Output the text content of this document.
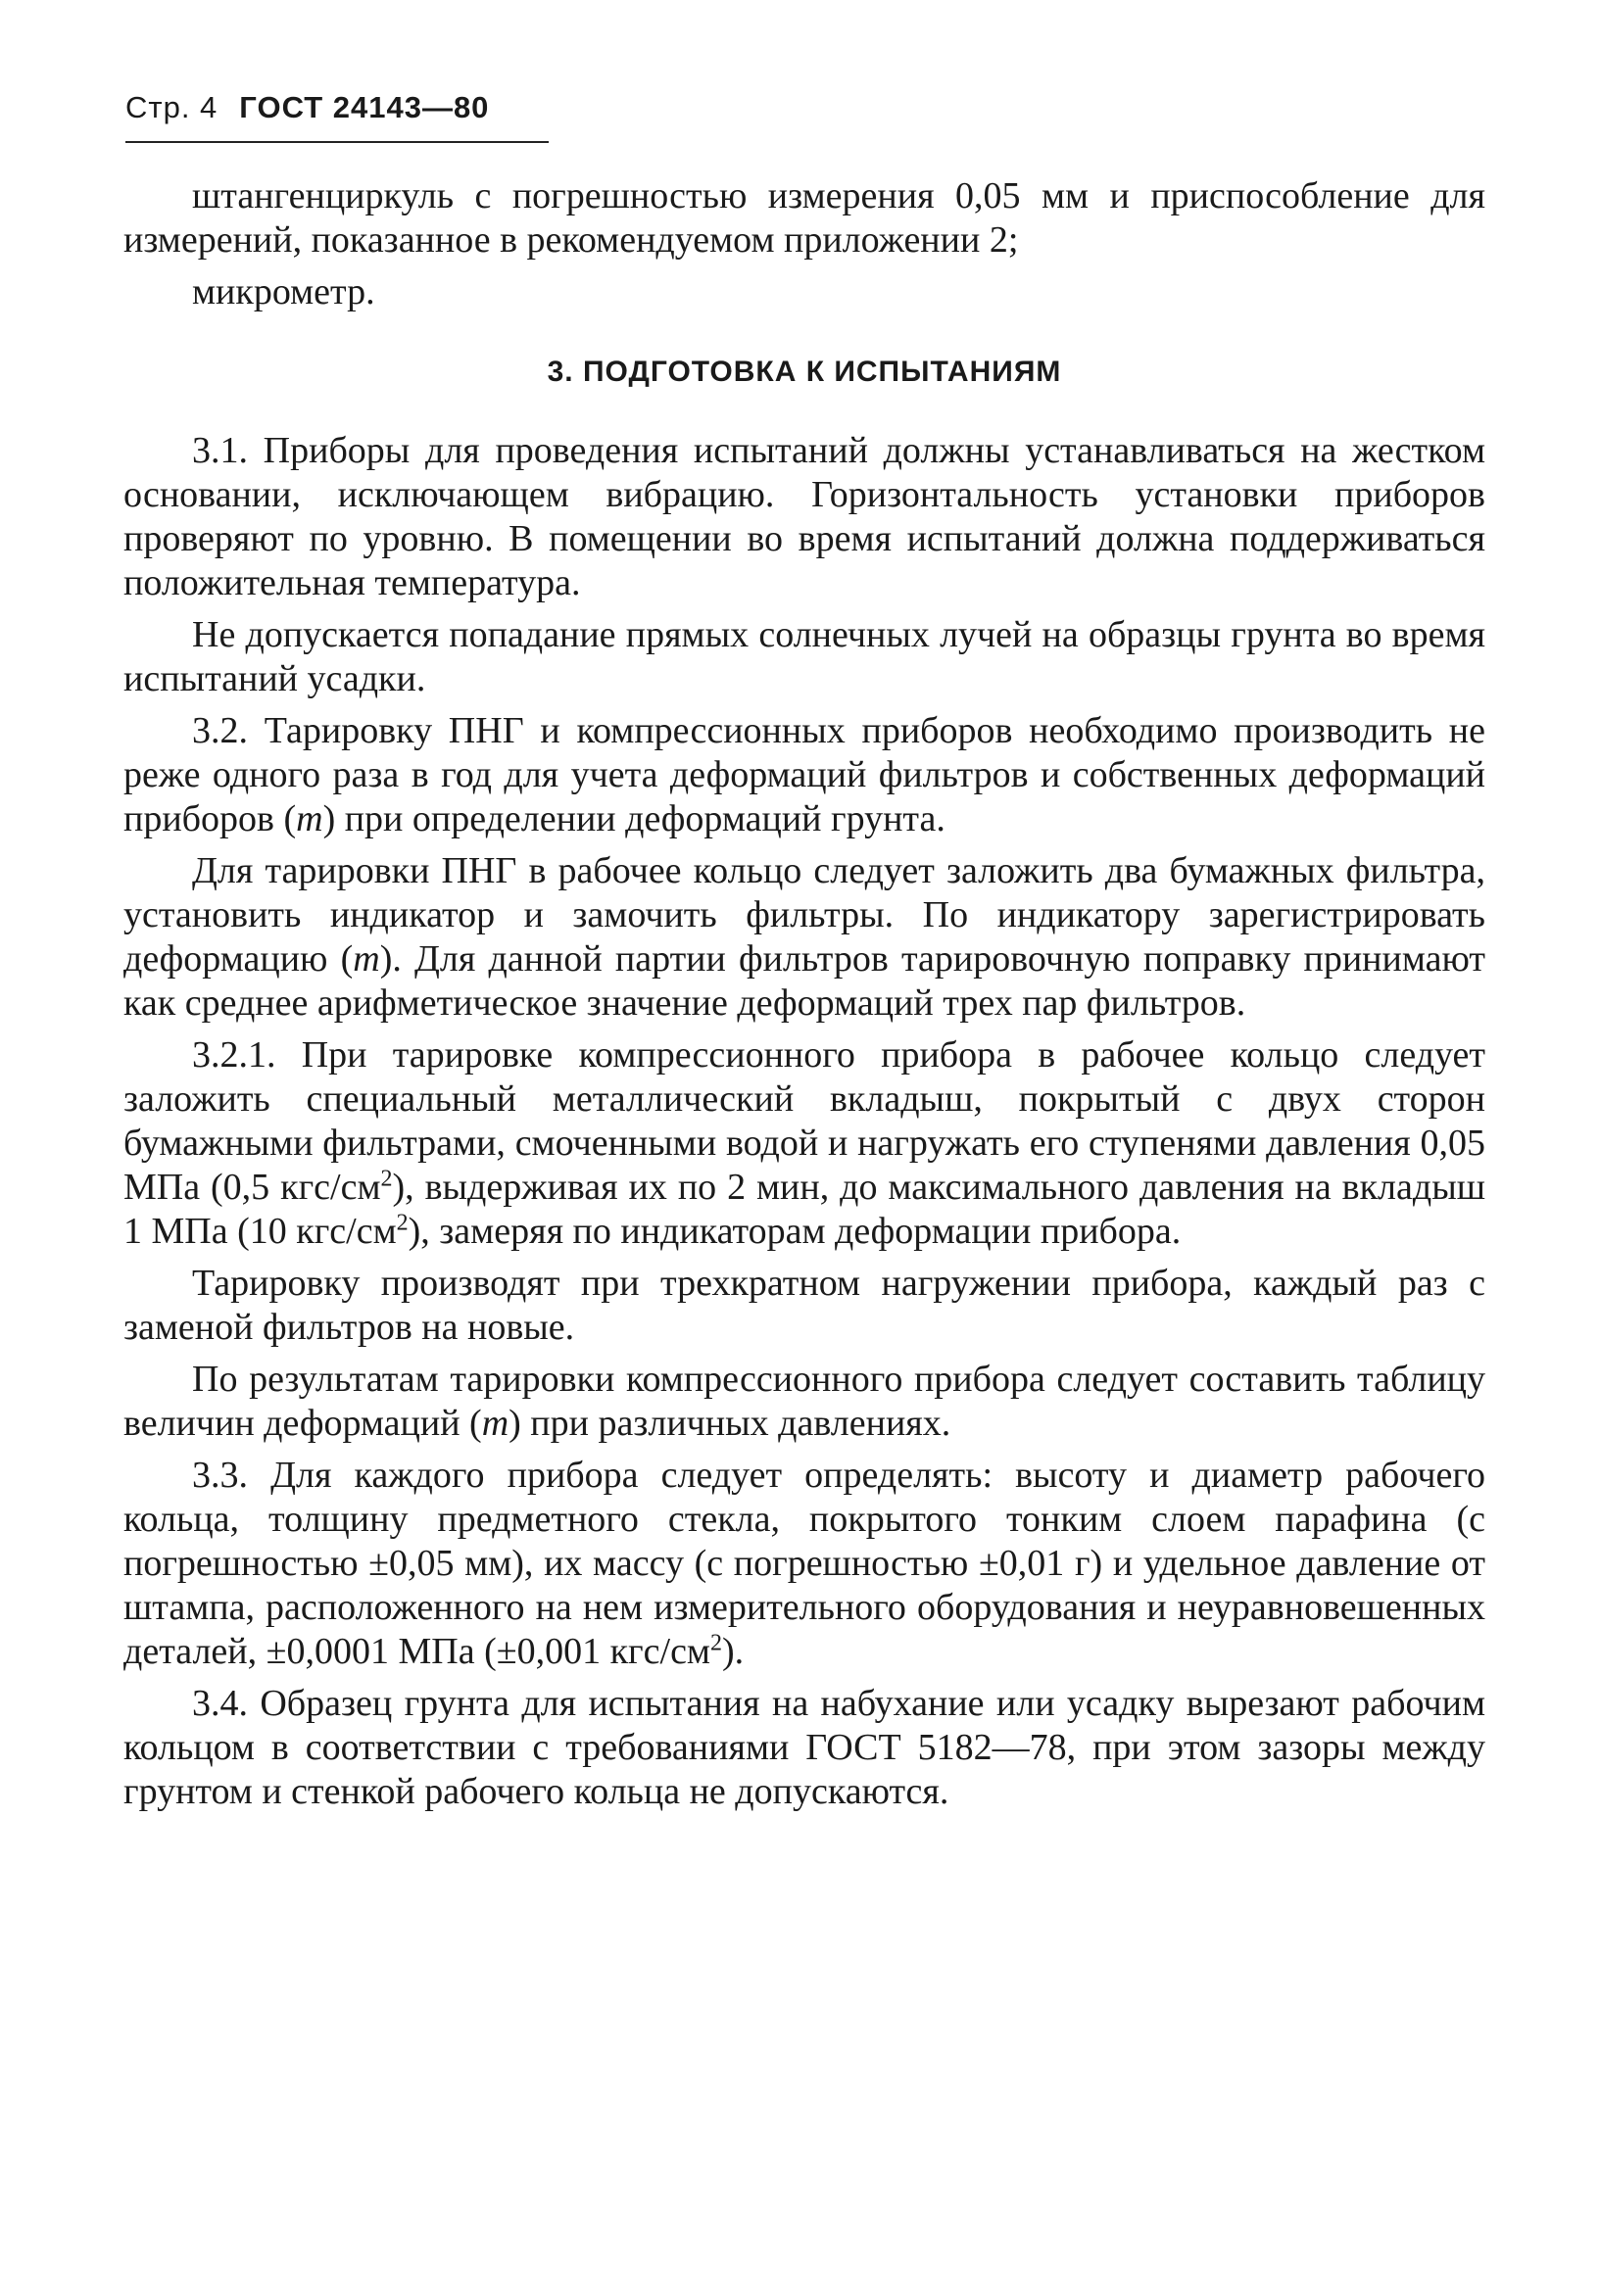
Стр. 4 ГОСТ 24143—80

штангенциркуль с погрешностью измерения 0,05 мм и приспособление для измерений, показанное в рекомендуемом приложении 2;

микрометр.

3. ПОДГОТОВКА К ИСПЫТАНИЯМ

3.1. Приборы для проведения испытаний должны устанавливаться на жестком основании, исключающем вибрацию. Горизонтальность установки приборов проверяют по уровню. В помещении во время испытаний должна поддерживаться положительная температура.

Не допускается попадание прямых солнечных лучей на образцы грунта во время испытаний усадки.

3.2. Тарировку ПНГ и компрессионных приборов необходимо производить не реже одного раза в год для учета деформаций фильтров и собственных деформаций приборов (m) при определении деформаций грунта.

Для тарировки ПНГ в рабочее кольцо следует заложить два бумажных фильтра, установить индикатор и замочить фильтры. По индикатору зарегистрировать деформацию (m). Для данной партии фильтров тарировочную поправку принимают как среднее арифметическое значение деформаций трех пар фильтров.

3.2.1. При тарировке компрессионного прибора в рабочее кольцо следует заложить специальный металлический вкладыш, покрытый с двух сторон бумажными фильтрами, смоченными водой и нагружать его ступенями давления 0,05 МПа (0,5 кгс/$см^2$), выдерживая их по 2 мин, до максимального давления на вкладыш 1 МПа (10 кгс/$см^2$), замеряя по индикаторам деформации прибора.

Тарировку производят при трехкратном нагружении прибора, каждый раз с заменой фильтров на новые.

По результатам тарировки компрессионного прибора следует составить таблицу величин деформаций (m) при различных давлениях.

3.3. Для каждого прибора следует определять: высоту и диаметр рабочего кольца, толщину предметного стекла, покрытого тонким слоем парафина (с погрешностью ±0,05 мм), их массу (с погрешностью ±0,01 г) и удельное давление от штампа, расположенного на нем измерительного оборудования и неуравновешенных деталей, ±0,0001 МПа (±0,001 кгс/$см^2$).

3.4. Образец грунта для испытания на набухание или усадку вырезают рабочим кольцом в соответствии с требованиями ГОСТ 5182—78, при этом зазоры между грунтом и стенкой рабочего кольца не допускаются.
